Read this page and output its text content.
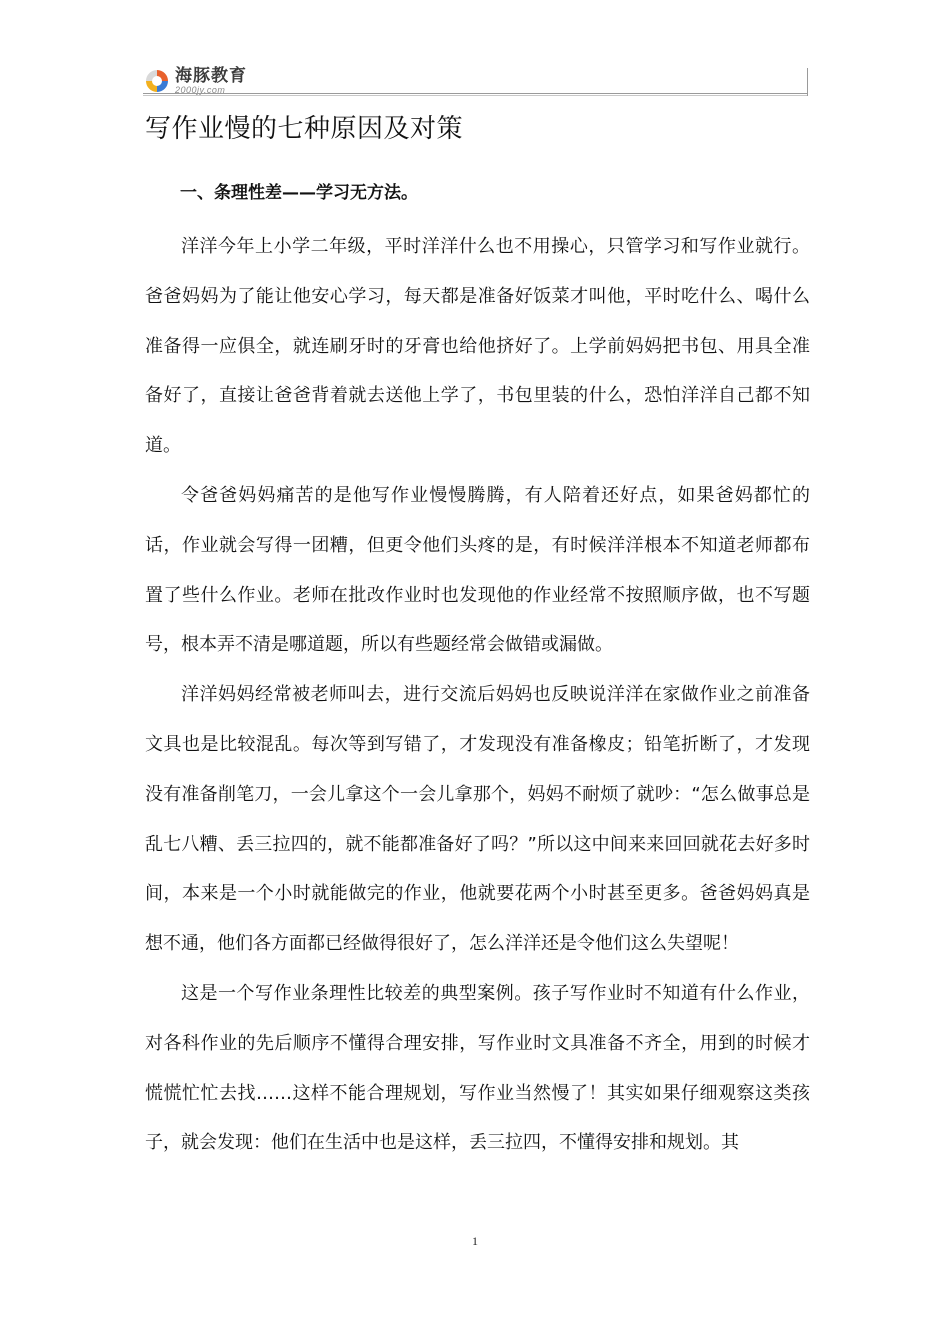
海豚教育
2000jy.com
写作业慢的七种原因及对策
一、条理性差——学习无方法。

洋洋今年上小学二年级，平时洋洋什么也不用操心，只管学习和写作业就行。爸爸妈妈为了能让他安心学习，每天都是准备好饭菜才叫他，平时吃什么、喝什么准备得一应俱全，就连刷牙时的牙膏也给他挤好了。上学前妈妈把书包、用具全准备好了，直接让爸爸背着就去送他上学了，书包里装的什么，恐怕洋洋自己都不知道。

令爸爸妈妈痛苦的是他写作业慢慢腾腾，有人陪着还好点，如果爸妈都忙的话，作业就会写得一团糟，但更令他们头疼的是，有时候洋洋根本不知道老师都布置了些什么作业。老师在批改作业时也发现他的作业经常不按照顺序做，也不写题号，根本弄不清是哪道题，所以有些题经常会做错或漏做。

洋洋妈妈经常被老师叫去，进行交流后妈妈也反映说洋洋在家做作业之前准备文具也是比较混乱。每次等到写错了，才发现没有准备橡皮；铅笔折断了，才发现没有准备削笔刀，一会儿拿这个一会儿拿那个，妈妈不耐烦了就吵：“怎么做事总是乱七八糟、丢三拉四的，就不能都准备好了吗？”所以这中间来来回回就花去好多时间，本来是一个小时就能做完的作业，他就要花两个小时甚至更多。爸爸妈妈真是想不通，他们各方面都已经做得很好了，怎么洋洋还是令他们这么失望呢！

这是一个写作业条理性比较差的典型案例。孩子写作业时不知道有什么作业，对各科作业的先后顺序不懂得合理安排，写作业时文具准备不齐全，用到的时候才慌慌忙忙去找……这样不能合理规划，写作业当然慢了！其实如果仔细观察这类孩子，就会发现：他们在生活中也是这样，丢三拉四，不懂得安排和规划。其

1
